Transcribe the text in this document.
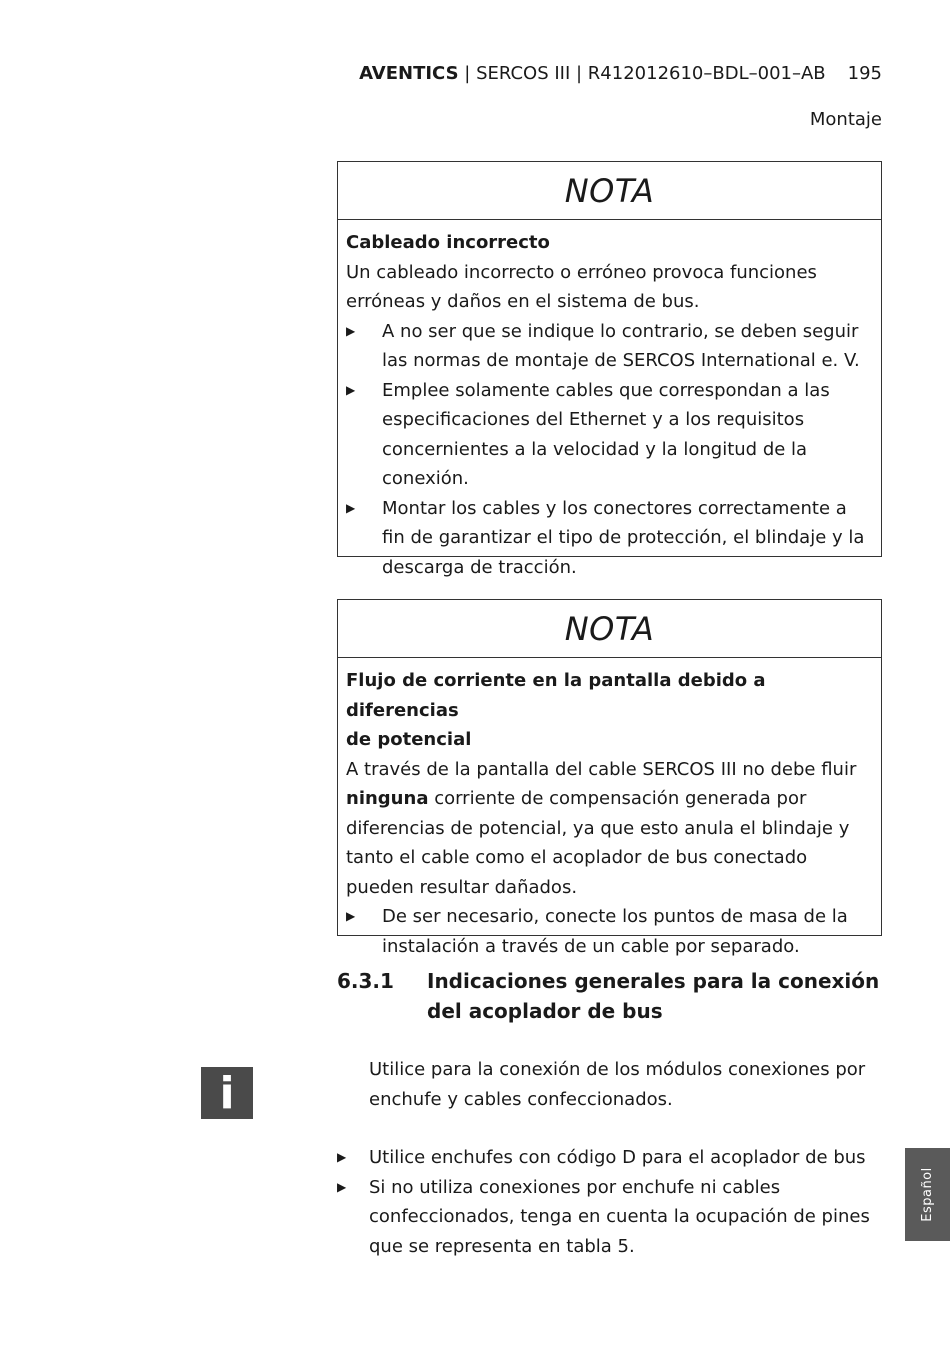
AVENTICS | SERCOS III | R412012610–BDL–001–AB 195
Montaje
NOTA
Cableado incorrecto
Un cableado incorrecto o erróneo provoca funciones erróneas y daños en el sistema de bus.
▶	A no ser que se indique lo contrario, se deben seguir las normas de montaje de SERCOS International e. V.
▶	Emplee solamente cables que correspondan a las especificaciones del Ethernet y a los requisitos concernientes a la velocidad y la longitud de la conexión.
▶	Montar los cables y los conectores correctamente a fin de garantizar el tipo de protección, el blindaje y la descarga de tracción.
NOTA
Flujo de corriente en la pantalla debido a diferencias
de potencial
A través de la pantalla del cable SERCOS III no debe fluir ninguna corriente de compensación generada por diferencias de potencial, ya que esto anula el blindaje y tanto el cable como el acoplador de bus conectado pueden resultar dañados.
▶	De ser necesario, conecte los puntos de masa de la instalación a través de un cable por separado.
6.3.1	Indicaciones generales para la conexión
del acoplador de bus
i	Utilice para la conexión de los módulos conexiones por enchufe y cables confeccionados.
▶	Utilice enchufes con código D para el acoplador de bus
▶	Si no utiliza conexiones por enchufe ni cables confeccionados, tenga en cuenta la ocupación de pines que se representa en tabla 5.
Español
